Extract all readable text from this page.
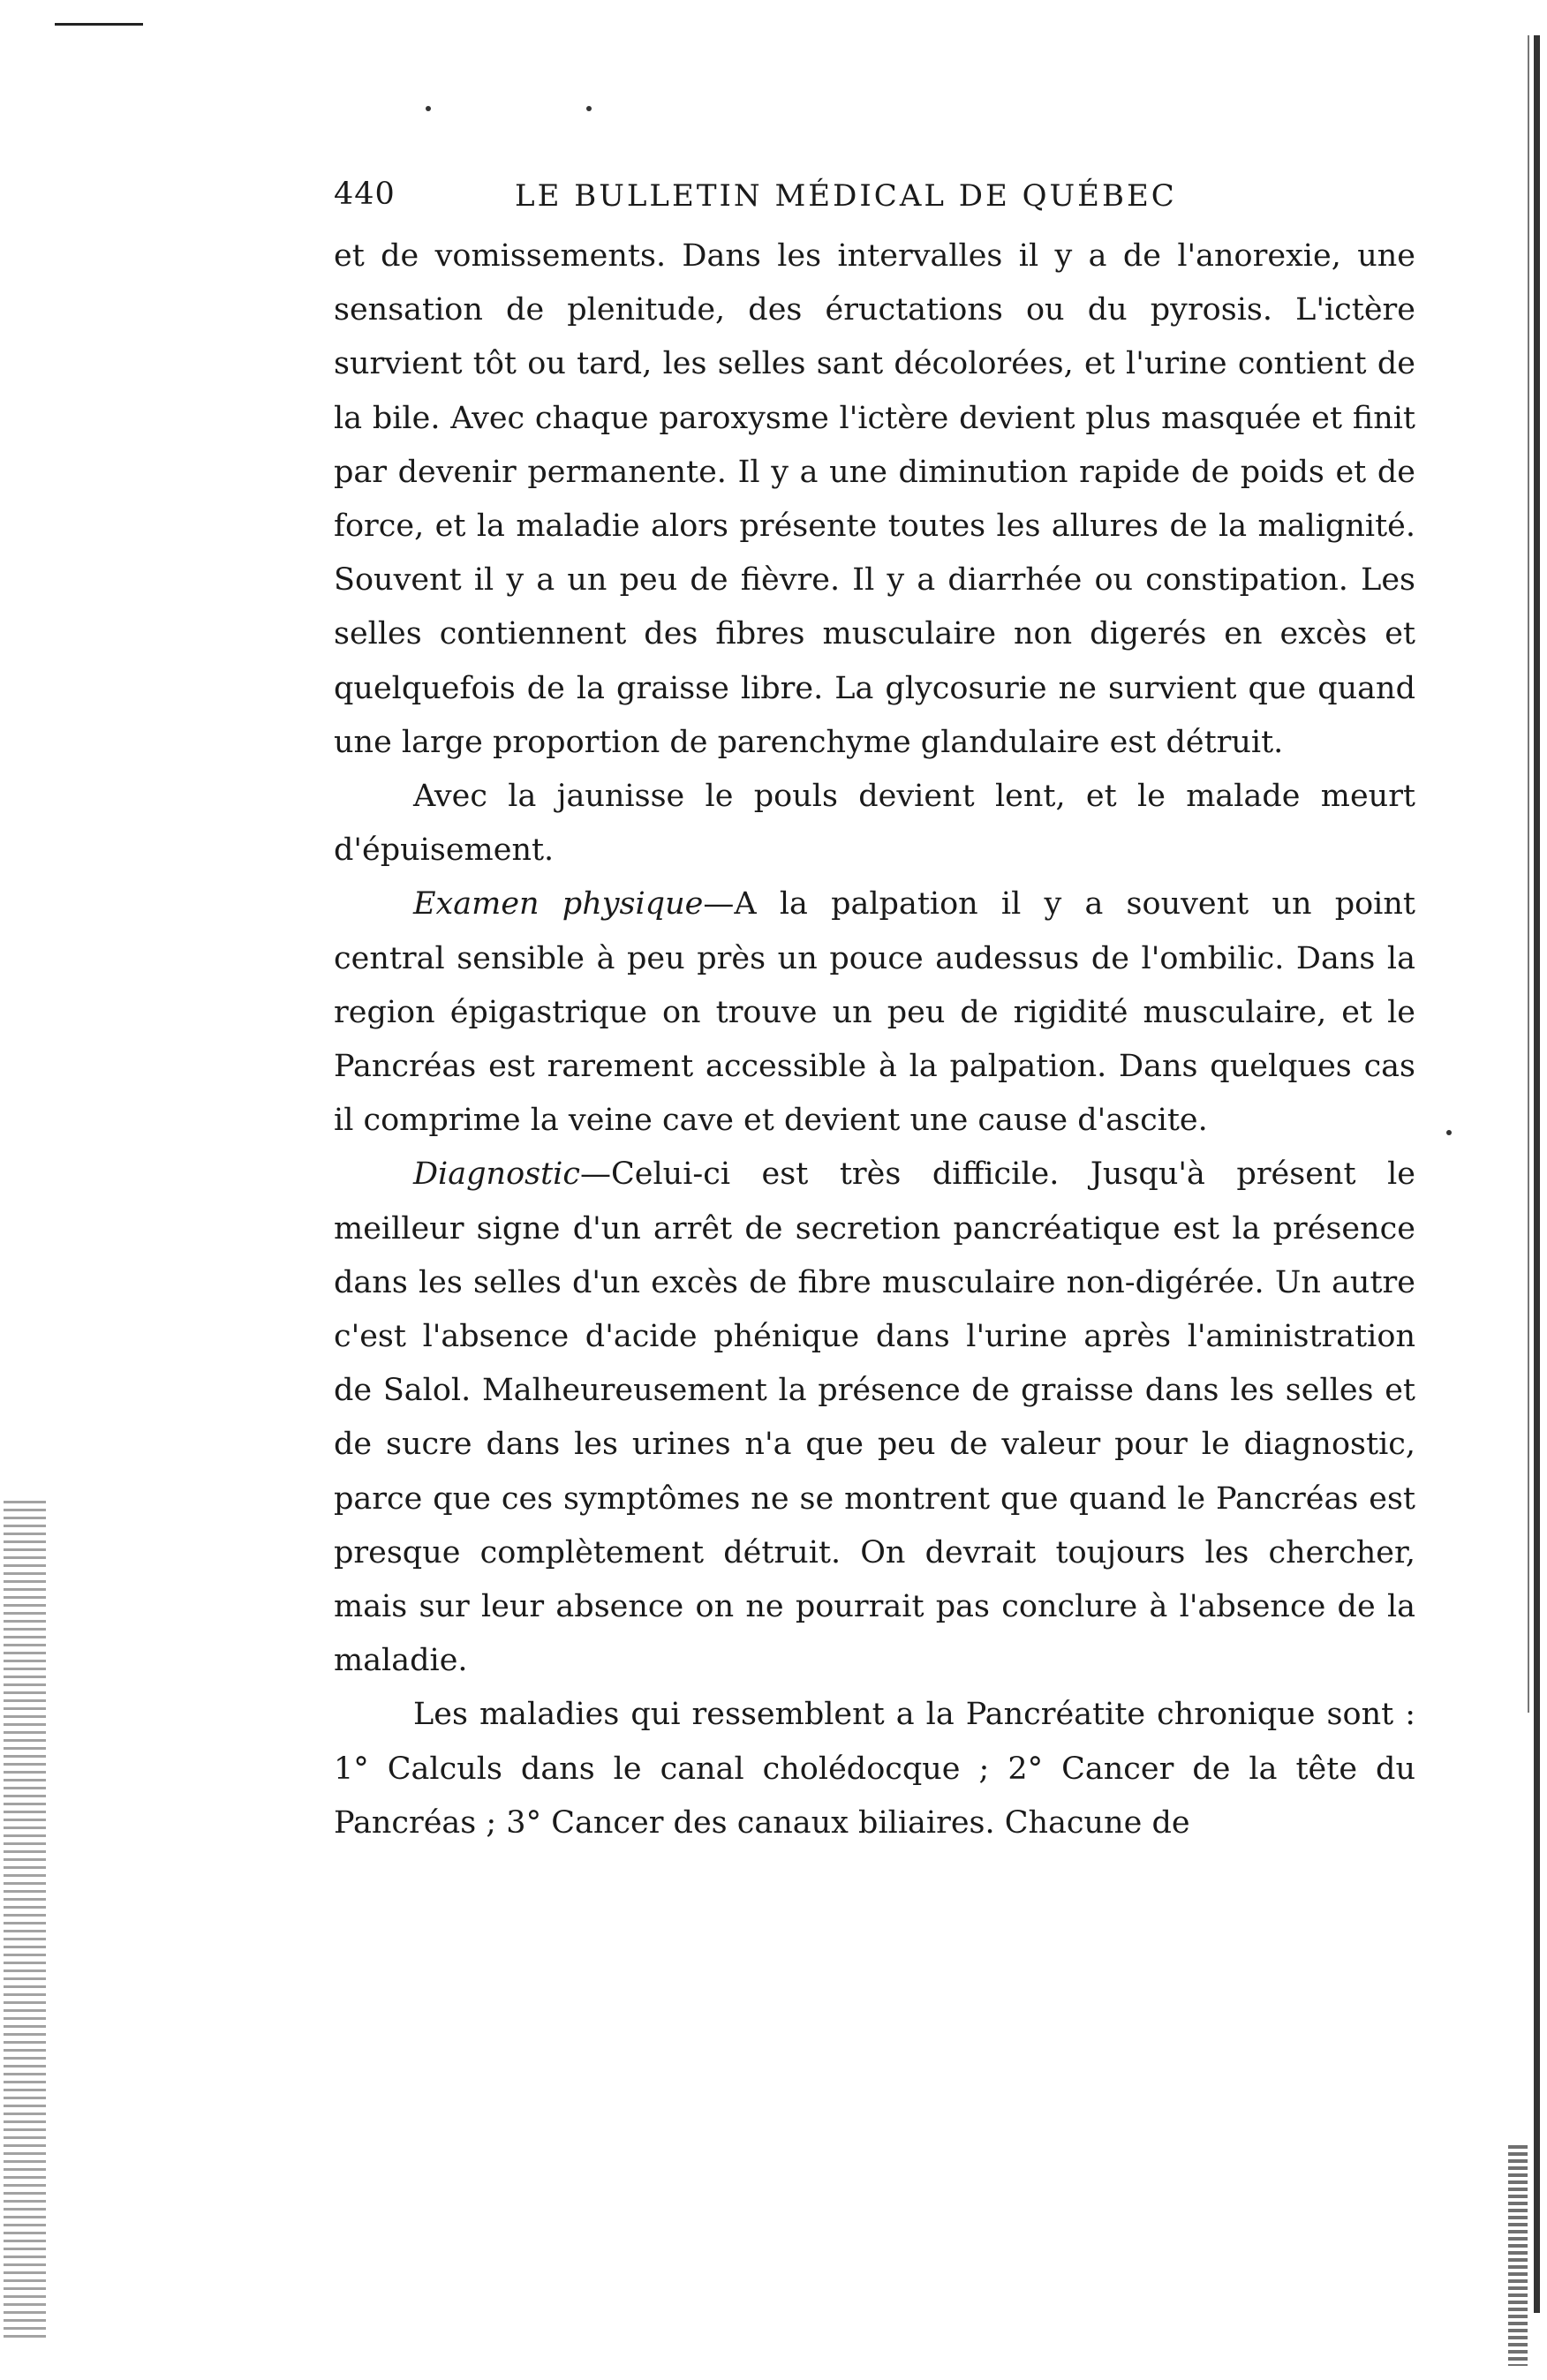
440	LE BULLETIN MÉDICAL DE QUÉBEC

et de vomissements. Dans les intervalles il y a de l'anorexie, une sensation de plenitude, des éructations ou du pyrosis. L'ictère survient tôt ou tard, les selles sant décolorées, et l'urine contient de la bile. Avec chaque paroxysme l'ictère devient plus masquée et finit par devenir permanente. Il y a une diminution rapide de poids et de force, et la maladie alors présente toutes les allures de la malignité. Souvent il y a un peu de fièvre. Il y a diarrhée ou constipation. Les selles contiennent des fibres musculaire non digerés en excès et quelquefois de la graisse libre. La glycosurie ne survient que quand une large proportion de parenchyme glandulaire est détruit.

Avec la jaunisse le pouls devient lent, et le malade meurt d'épuisement.

Examen physique—A la palpation il y a souvent un point central sensible à peu près un pouce audessus de l'ombilic. Dans la region épigastrique on trouve un peu de rigidité musculaire, et le Pancréas est rarement accessible à la palpation. Dans quelques cas il comprime la veine cave et devient une cause d'ascite.

Diagnostic—Celui-ci est très difficile. Jusqu'à présent le meilleur signe d'un arrêt de secretion pancréatique est la présence dans les selles d'un excès de fibre musculaire non-digérée. Un autre c'est l'absence d'acide phénique dans l'urine après l'aministration de Salol. Malheureusement la présence de graisse dans les selles et de sucre dans les urines n'a que peu de valeur pour le diagnostic, parce que ces symptômes ne se montrent que quand le Pancréas est presque complètement détruit. On devrait toujours les chercher, mais sur leur absence on ne pourrait pas conclure à l'absence de la maladie.

Les maladies qui ressemblent a la Pancréatite chronique sont : 1° Calculs dans le canal cholédocque ; 2° Cancer de la tête du Pancréas ; 3° Cancer des canaux biliaires. Chacune de
